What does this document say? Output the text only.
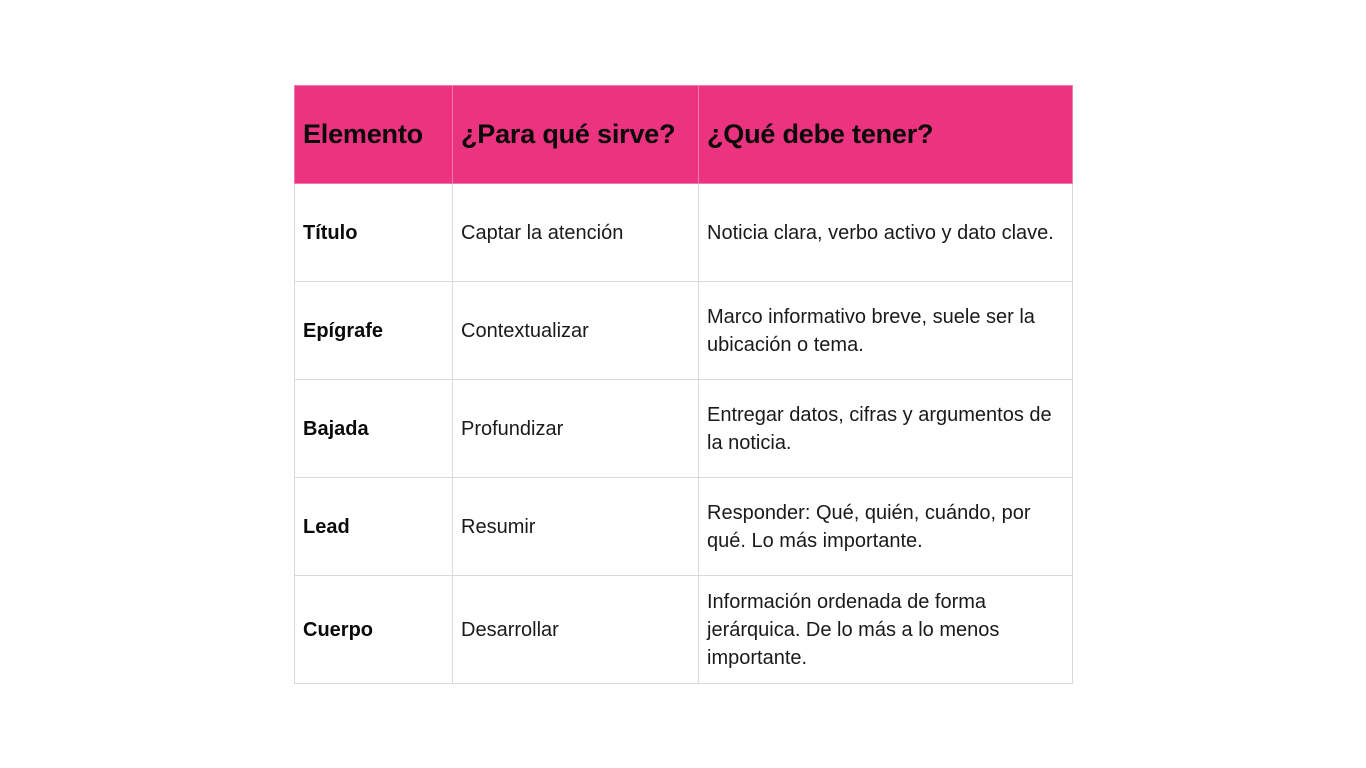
Elemento	¿Para qué sirve?	¿Qué debe tener?
Título	Captar la atención	Noticia clara, verbo activo y dato clave.
Epígrafe	Contextualizar	Marco informativo breve, suele ser la ubicación o tema.
Bajada	Profundizar	Entregar datos, cifras y argumentos de la noticia.
Lead	Resumir	Responder: Qué, quién, cuándo, por qué. Lo más importante.
Cuerpo	Desarrollar	Información ordenada de forma jerárquica. De lo más a lo menos importante.
